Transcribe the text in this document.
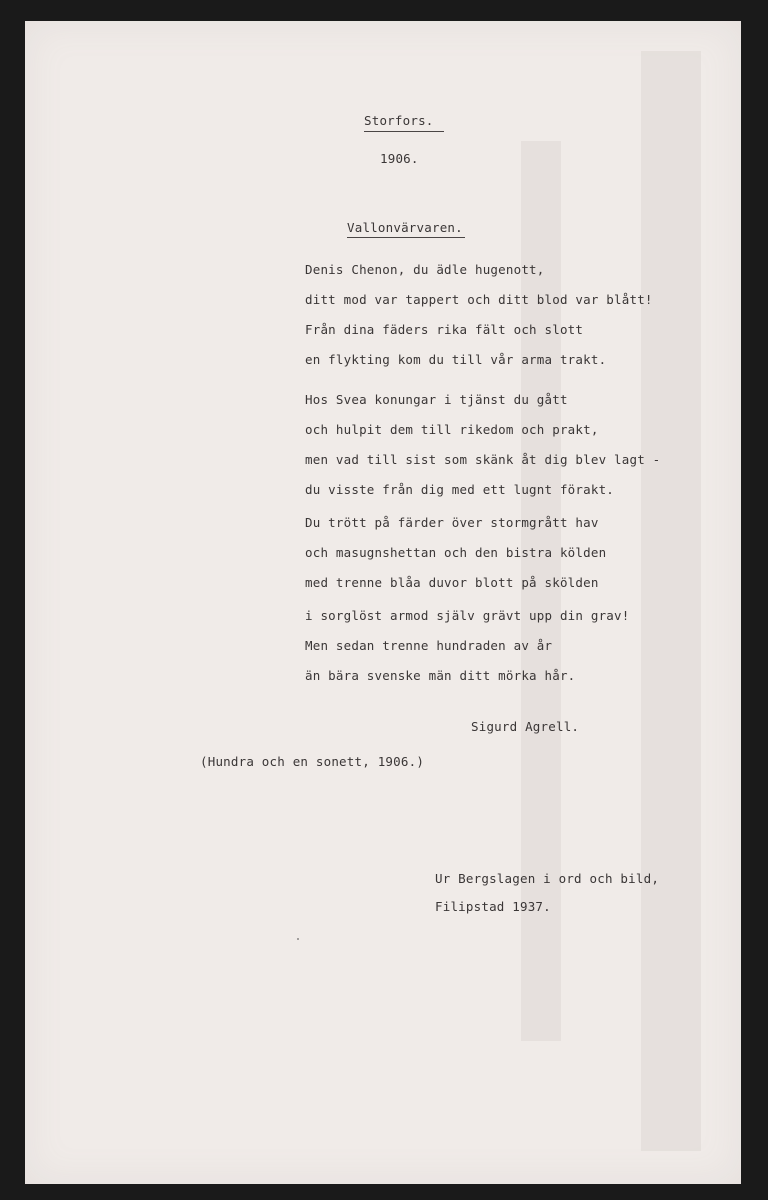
Storfors.
1906.
Vallonvärvaren.
Denis Chenon, du ädle hugenott,
ditt mod var tappert och ditt blod var blått!
Från dina fäders rika fält och slott
en flykting kom du till vår arma trakt.
Hos Svea konungar i tjänst du gått
och hulpit dem till rikedom och prakt,
men vad till sist som skänk åt dig blev lagt -
du visste från dig med ett lugnt förakt.
Du trött på färder över stormgrått hav
och masugnshettan och den bistra kölden
med trenne blåa duvor blott på skölden
i sorglöst armod själv grävt upp din grav!
Men sedan trenne hundraden av år
än bära svenske män ditt mörka hår.
Sigurd Agrell.
(Hundra och en sonett, 1906.)
Ur Bergslagen i ord och bild,
Filipstad 1937.
